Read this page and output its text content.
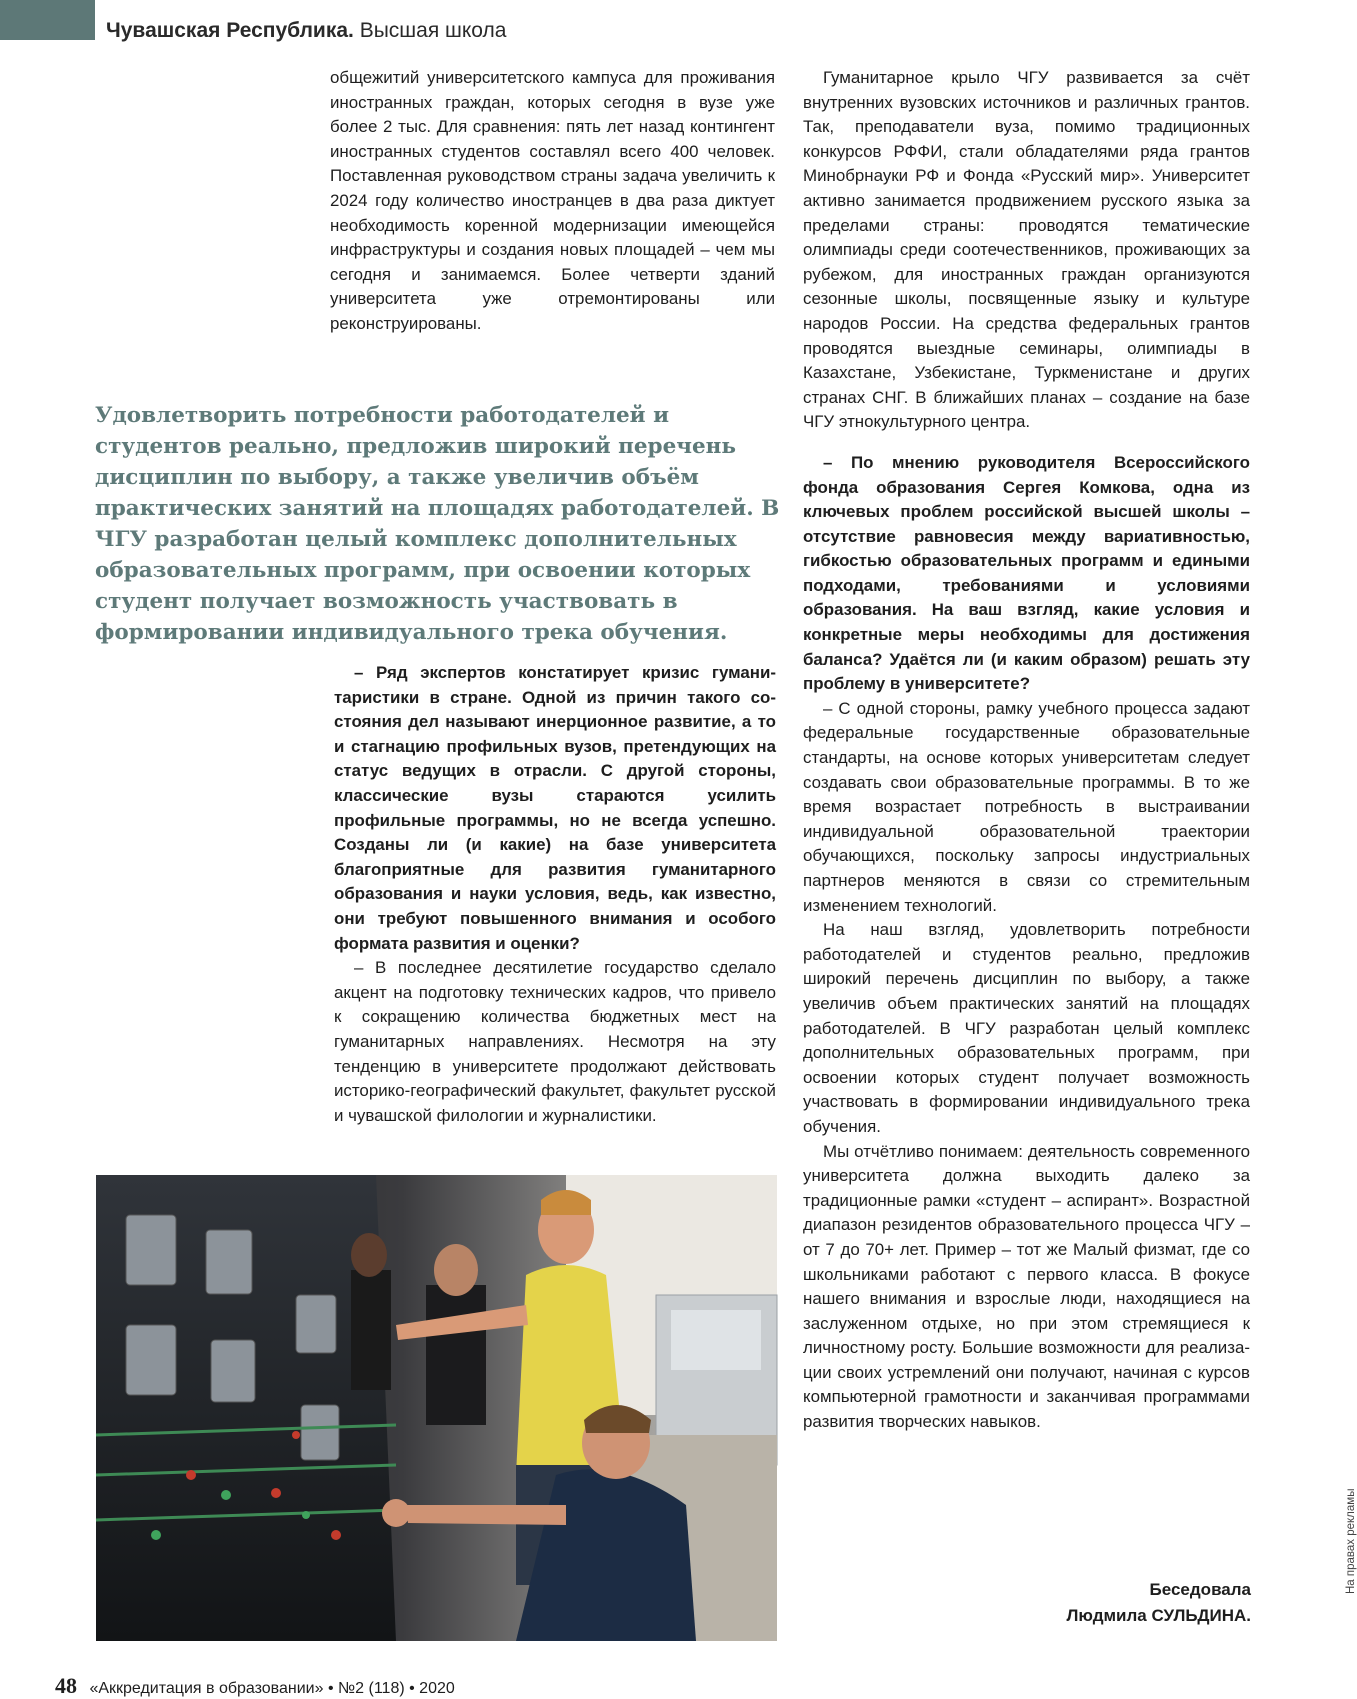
Чувашская Республика. Высшая школа

общежитий университетского кампуса для проживания иностранных граждан, которых сегодня в вузе уже более 2 тыс. Для сравнения: пять лет назад контингент иностранных студентов составлял всего 400 человек. Поставленная руководством страны задача увеличить к 2024 году количество иностранцев в два раза диктует необходимость коренной модернизации имеющейся инфраструктуры и создания новых площадей – чем мы сегодня и занимаемся. Более четверти зданий университета уже отремонтированы или реконструированы.

Удовлетворить потребности работодателей и студентов реально, предложив широкий перечень дисциплин по выбору, а также увеличив объём практических занятий на площадях работодателей. В ЧГУ разработан целый комплекс дополнительных образовательных программ, при освоении которых студент получает возможность участвовать в формировании индивидуального трека обучения.

– Ряд экспертов констатирует кризис гуманитаристики в стране. Одной из причин такого состояния дел называют инерционное развитие, а то и стагнацию профильных вузов, претендующих на статус ведущих в отрасли. С другой стороны, классические вузы стараются усилить профильные программы, но не всегда успешно. Созданы ли (и какие) на базе университета благоприятные для развития гуманитарного образования и науки условия, ведь, как известно, они требуют повышенного внимания и особого формата развития и оценки?

– В последнее десятилетие государство сделало акцент на подготовку технических кадров, что привело к сокращению количества бюджетных мест на гуманитарных направлениях. Несмотря на эту тенденцию в университете продолжают действовать историко-географический факультет, факультет русской и чувашской филологии и журналистики.

Гуманитарное крыло ЧГУ развивается за счёт внутренних вузовских источников и различных грантов. Так, преподаватели вуза, помимо традиционных конкурсов РФФИ, стали обладателями ряда грантов Минобрнауки РФ и Фонда «Русский мир». Университет активно занимается продвижением русского языка за пределами страны: проводятся тематические олимпиады среди соотечественников, проживающих за рубежом, для иностранных граждан организуются сезонные школы, посвященные языку и культуре народов России. На средства федеральных грантов проводятся выездные семинары, олимпиады в Казахстане, Узбекистане, Туркменистане и других странах СНГ. В ближайших планах – создание на базе ЧГУ этнокультурного центра.

– По мнению руководителя Всероссийского фонда образования Сергея Комкова, одна из ключевых проблем российской высшей школы – отсутствие равновесия между вариативностью, гибкостью образовательных программ и едиными подходами, требованиями и условиями образования. На ваш взгляд, какие условия и конкретные меры необходимы для достижения баланса? Удаётся ли (и каким образом) решать эту проблему в университете?

– С одной стороны, рамку учебного процесса задают федеральные государственные образовательные стандарты, на основе которых университетам следует создавать свои образовательные программы. В то же время возрастает потребность в выстраивании индивидуальной образовательной траектории обучающихся, поскольку запросы индустриальных партнеров меняются в связи со стремительным изменением технологий.

На наш взгляд, удовлетворить потребности работодателей и студентов реально, предложив широкий перечень дисциплин по выбору, а также увеличив объем практических занятий на площадях работодателей. В ЧГУ разработан целый комплекс дополнительных образовательных программ, при освоении которых студент получает возможность участвовать в формировании индивидуального трека обучения.

Мы отчётливо понимаем: деятельность современного университета должна выходить далеко за традиционные рамки «студент – аспирант». Возрастной диапазон резидентов образовательного процесса ЧГУ – от 7 до 70+ лет. Пример – тот же Малый физмат, где со школьниками работают с первого класса. В фокусе нашего внимания и взрослые люди, находящиеся на заслуженном отдыхе, но при этом стремящиеся к личностному росту. Большие возможности для реализации своих устремлений они получают, начиная с курсов компьютерной грамотности и заканчивая программами развития творческих навыков.

Беседовала
Людмила СУЛЬДИНА.
48 «Аккредитация в образовании» • №2 (118) • 2020
На правах рекламы
